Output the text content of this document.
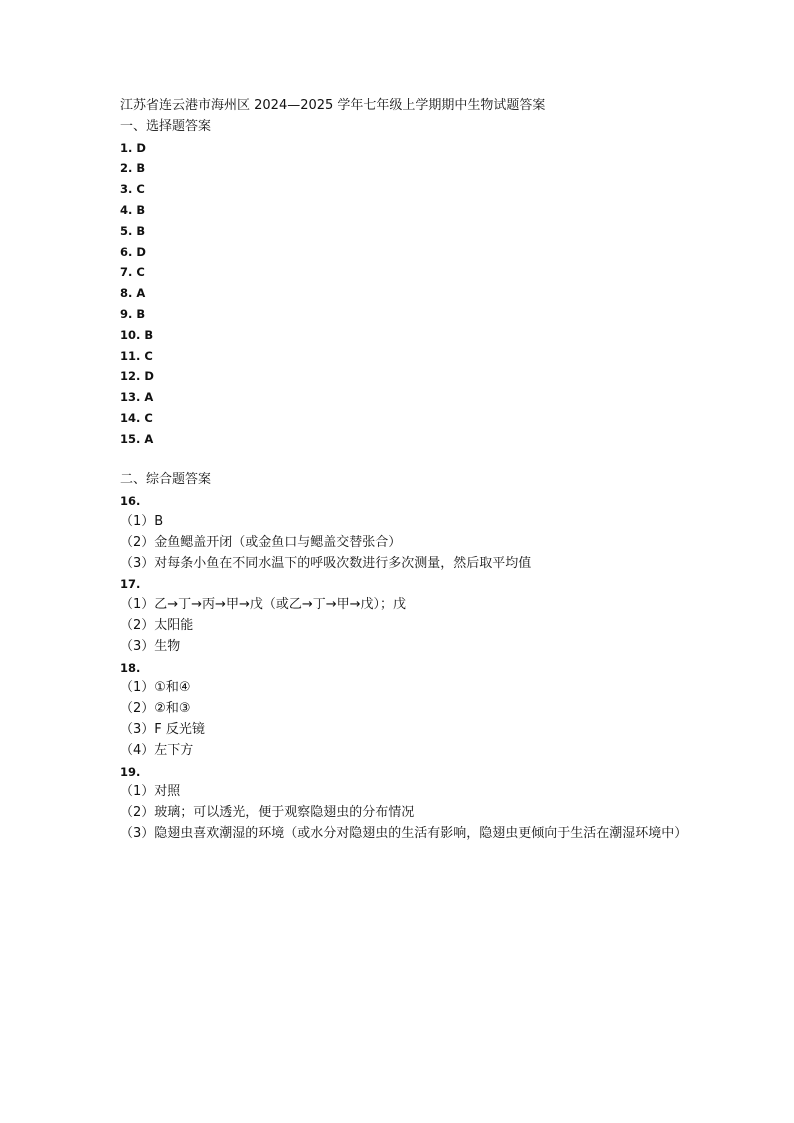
江苏省连云港市海州区 2024—2025 学年七年级上学期期中生物试题答案
一、选择题答案
1. D
2. B
3. C
4. B
5. B
6. D
7. C
8. A
9. B
10. B
11. C
12. D
13. A
14. C
15. A
二、综合题答案
16.
（1）B
（2）金鱼鳃盖开闭（或金鱼口与鳃盖交替张合）
（3）对每条小鱼在不同水温下的呼吸次数进行多次测量，然后取平均值
17.
（1）乙→丁→丙→甲→戊（或乙→丁→甲→戊）；戊
（2）太阳能
（3）生物
18.
（1）①和④
（2）②和③
（3）F 反光镜
（4）左下方
19.
（1）对照
（2）玻璃；可以透光，便于观察隐翅虫的分布情况
（3）隐翅虫喜欢潮湿的环境（或水分对隐翅虫的生活有影响，隐翅虫更倾向于生活在潮湿环境中）
